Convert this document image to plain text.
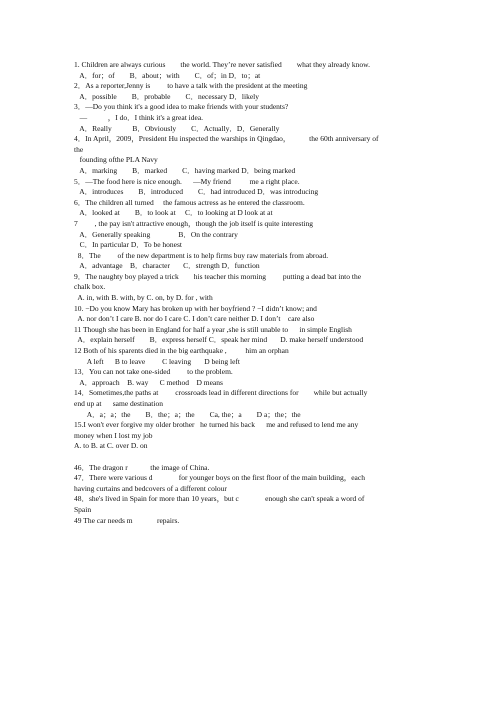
1. Children are always curious        the world. They’re never satisfied        what they already know.
A．for；of        B．about；with        C．of；in D．to；at
2．As a reporter,Jenny is         to have a talk with the president at the meeting
A．possible        B．probable        C．necessary D．likely
3．—Do you think it's a good idea to make friends with your students?
—           ，I do．I think it's a great idea.
A．Really           B．Obviously        C．Actually．D．Generally
4．In April，2009，President Hu inspected the warships in Qingdao，          the 60th anniversary of
the
founding ofthe PLA Navy
A．marking        B．marked        C．having marked D．being marked
5．—The food here is nice enough.      —My friend          me a right place.
A．introduces        B．introduced        C．had introduced D．was introducing
6．The children all turned     the famous actress as he entered the classroom.
A．looked at        B．to look at     C．to looking at D look at at
7         , the pay isn't attractive enough，though the job itself is quite interesting
A．Generally speaking               B．On the contrary
C．In particular D．To be honest
8．The         of the new department is to help firms buy raw materials from abroad.
A．advantage    B．character       C．strength D．function
9．The naughty boy played a trick        his teacher this morning         putting a dead bat into the
chalk box.
A. in, with B. with, by C. on, by D. for , with
10. −Do you know Mary has broken up with her boyfriend ? −I didn’t know; and
A. nor don’t I care B. nor do I care C. I don’t care neither D. I don’t    care also
11 Though she has been in England for half a year ,she is still unable to      in simple English
A．explain herself        B．express herself C．speak her mind       D. make herself understood
12 Both of his sparents died in the big earthquake ,          him an orphan
A left      B to leave         C leaving       D being left
13．You can not take one-sided         to the problem.
A．approach    B. way      C method    D means
14．Sometimes,the paths at         crossroads lead in different directions for        while but actually
end up at      same destination
A．a；a；the        B．the；a；the        Ca, the；a        D a；the；the
15.I won't ever forgive my older brother   he turned his back      me and refused to lend me any
money when I lost my job
A. to B. at C. over D. on
46．The dragon r            the image of China.
47．There were various d              for younger boys on the first floor of the main building，each
having curtains and bedcovers of a different colour
48．she's lived in Spain for more than 10 years，but c              enough she can't speak a word of
Spain
49 The car needs m             repairs.
